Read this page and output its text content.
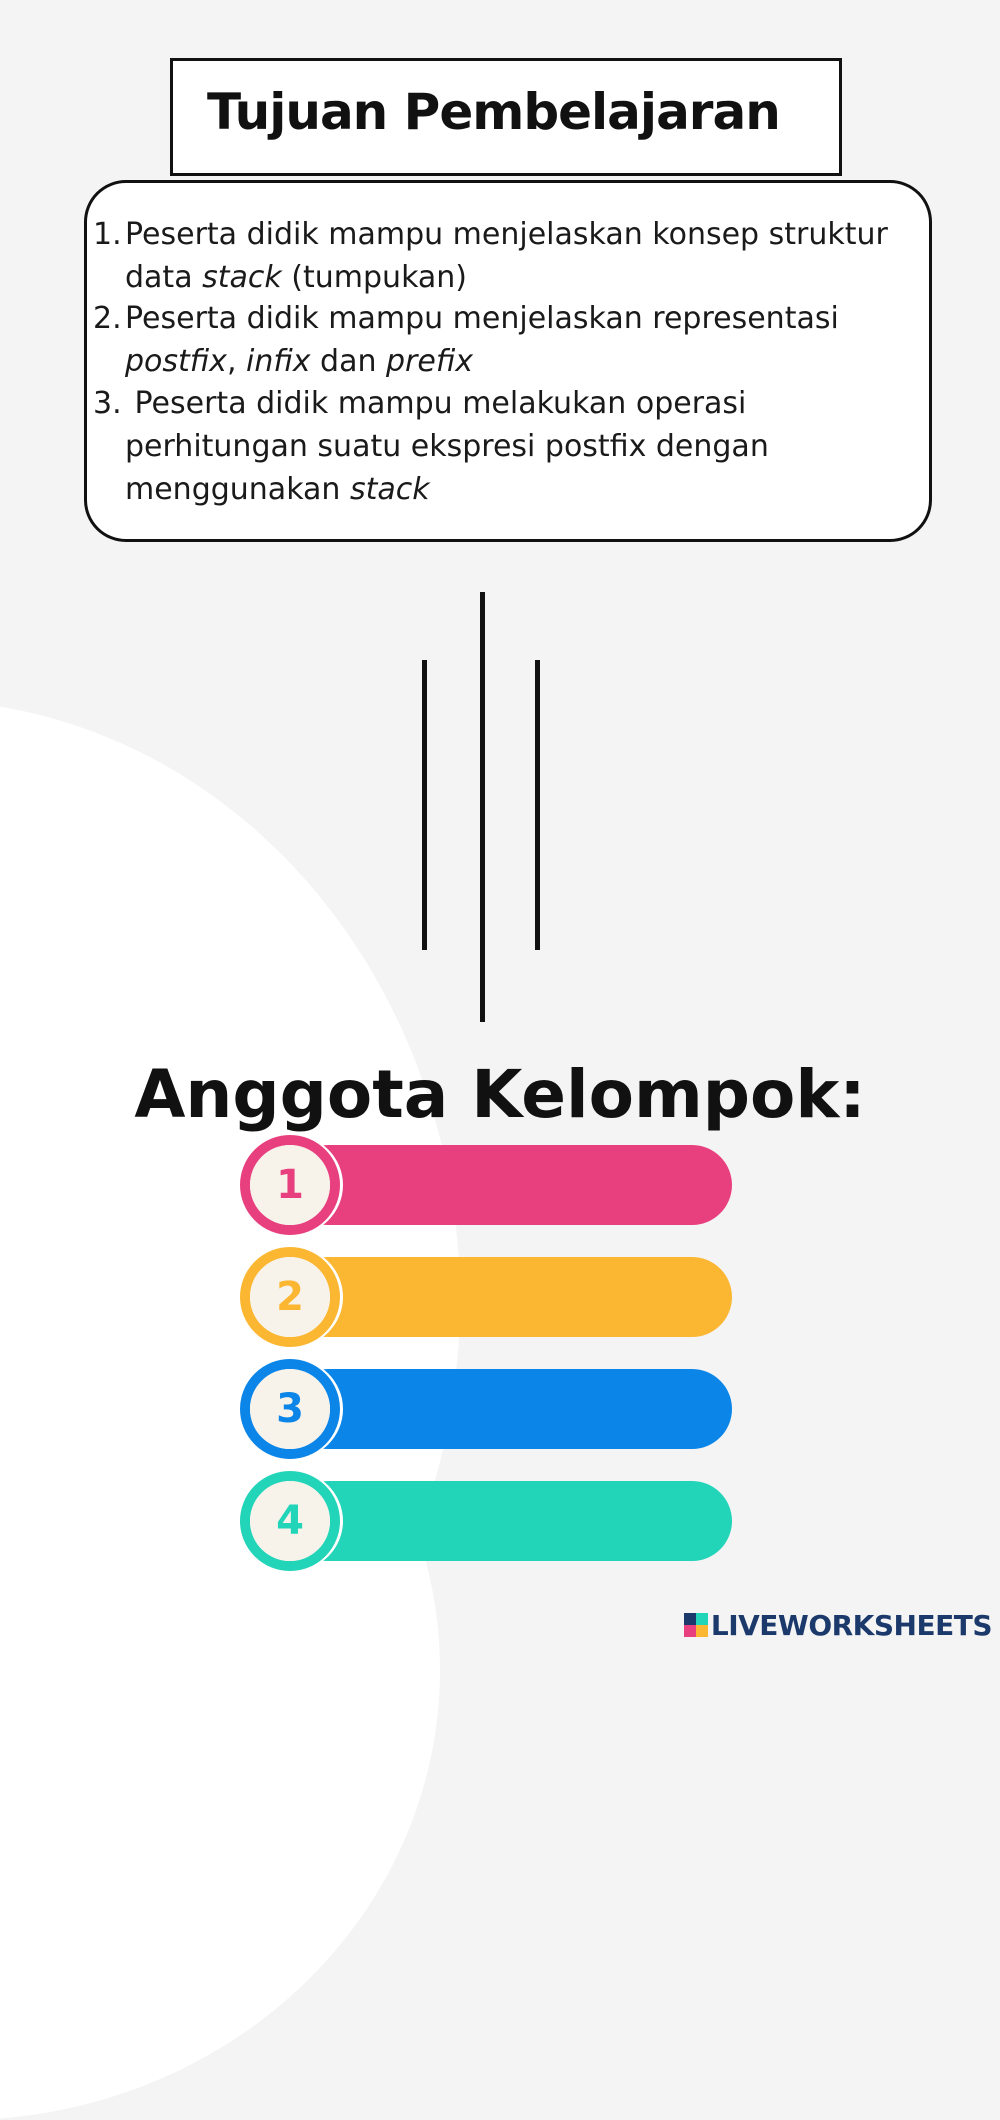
Tujuan Pembelajaran
1. Peserta didik mampu menjelaskan konsep struktur
data stack (tumpukan)
2. Peserta didik mampu menjelaskan representasi
postfix, infix dan prefix
3. Peserta didik mampu melakukan operasi
perhitungan suatu ekspresi postfix dengan
menggunakan stack
Anggota Kelompok:
1
2
3
4
LIVEWORKSHEETS
